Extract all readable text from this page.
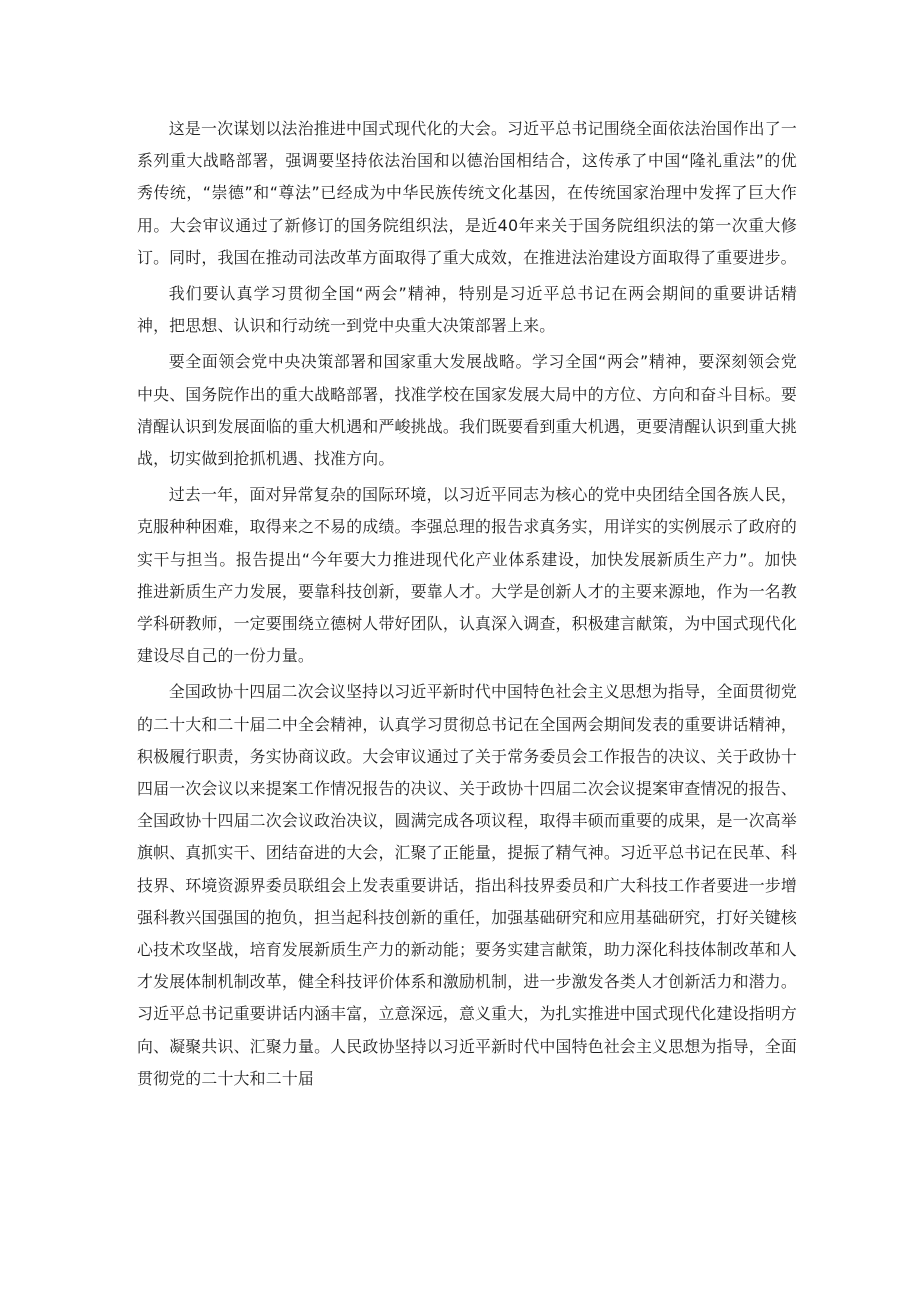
这是一次谋划以法治推进中国式现代化的大会。习近平总书记围绕全面依法治国作出了一系列重大战略部署，强调要坚持依法治国和以德治国相结合，这传承了中国“隆礼重法”的优秀传统，“崇德”和“尊法”已经成为中华民族传统文化基因，在传统国家治理中发挥了巨大作用。大会审议通过了新修订的国务院组织法，是近40年来关于国务院组织法的第一次重大修订。同时，我国在推动司法改革方面取得了重大成效，在推进法治建设方面取得了重要进步。

我们要认真学习贯彻全国“两会”精神，特别是习近平总书记在两会期间的重要讲话精神，把思想、认识和行动统一到党中央重大决策部署上来。

要全面领会党中央决策部署和国家重大发展战略。学习全国“两会”精神，要深刻领会党中央、国务院作出的重大战略部署，找准学校在国家发展大局中的方位、方向和奋斗目标。要清醒认识到发展面临的重大机遇和严峻挑战。我们既要看到重大机遇，更要清醒认识到重大挑战，切实做到抢抓机遇、找准方向。

过去一年，面对异常复杂的国际环境，以习近平同志为核心的党中央团结全国各族人民，克服种种困难，取得来之不易的成绩。李强总理的报告求真务实，用详实的实例展示了政府的实干与担当。报告提出“今年要大力推进现代化产业体系建设，加快发展新质生产力”。加快推进新质生产力发展，要靠科技创新，要靠人才。大学是创新人才的主要来源地，作为一名教学科研教师，一定要围绕立德树人带好团队，认真深入调查，积极建言献策，为中国式现代化建设尽自己的一份力量。

全国政协十四届二次会议坚持以习近平新时代中国特色社会主义思想为指导，全面贯彻党的二十大和二十届二中全会精神，认真学习贯彻总书记在全国两会期间发表的重要讲话精神，积极履行职责，务实协商议政。大会审议通过了关于常务委员会工作报告的决议、关于政协十四届一次会议以来提案工作情况报告的决议、关于政协十四届二次会议提案审查情况的报告、全国政协十四届二次会议政治决议，圆满完成各项议程，取得丰硕而重要的成果，是一次高举旗帜、真抓实干、团结奋进的大会，汇聚了正能量，提振了精气神。习近平总书记在民革、科技界、环境资源界委员联组会上发表重要讲话，指出科技界委员和广大科技工作者要进一步增强科教兴国强国的抱负，担当起科技创新的重任，加强基础研究和应用基础研究，打好关键核心技术攻坚战，培育发展新质生产力的新动能；要务实建言献策，助力深化科技体制改革和人才发展体制机制改革，健全科技评价体系和激励机制，进一步激发各类人才创新活力和潜力。习近平总书记重要讲话内涵丰富，立意深远，意义重大，为扎实推进中国式现代化建设指明方向、凝聚共识、汇聚力量。人民政协坚持以习近平新时代中国特色社会主义思想为指导，全面贯彻党的二十大和二十届
